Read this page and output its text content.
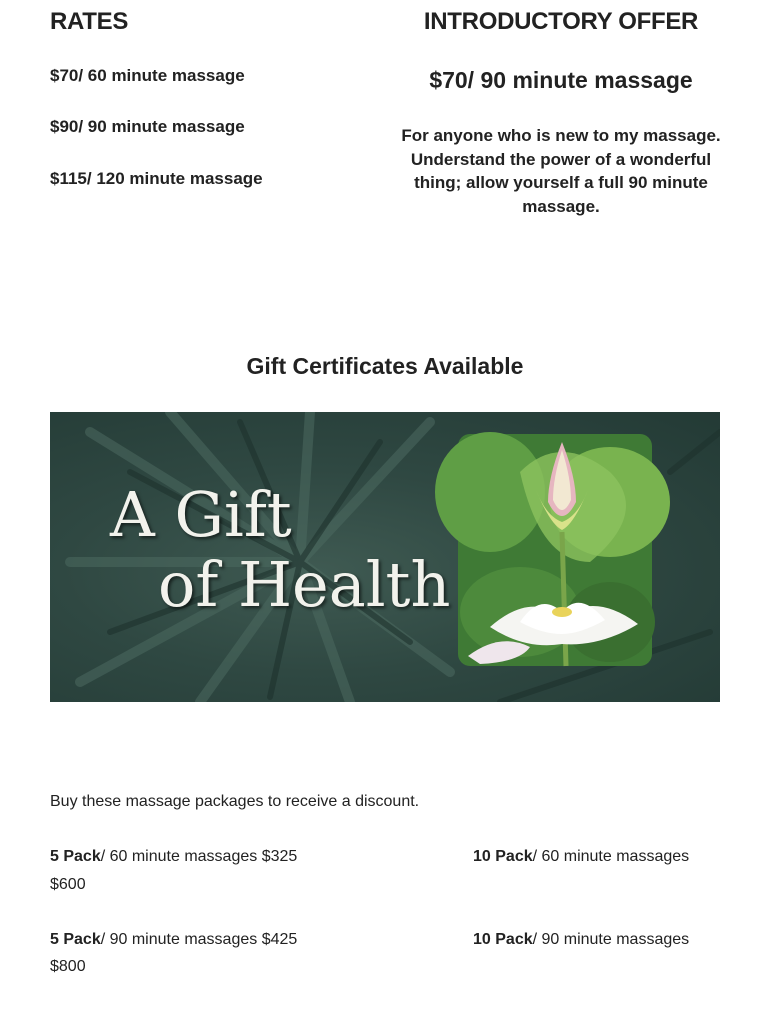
RATES
$70/ 60 minute massage
$90/ 90 minute massage
$115/ 120 minute massage
INTRODUCTORY OFFER
$70/ 90 minute massage
For anyone who is new to my massage.  Understand the power of a wonderful thing; allow yourself a full 90 minute massage.
Gift Certificates Available
A Gift
of Health

Buy these massage packages to receive a discount.

5 Pack/ 60 minute massages $325
$600
5 Pack/ 90 minute massages $425
$800
10 Pack/ 60 minute massages
10 Pack/ 90 minute massages
